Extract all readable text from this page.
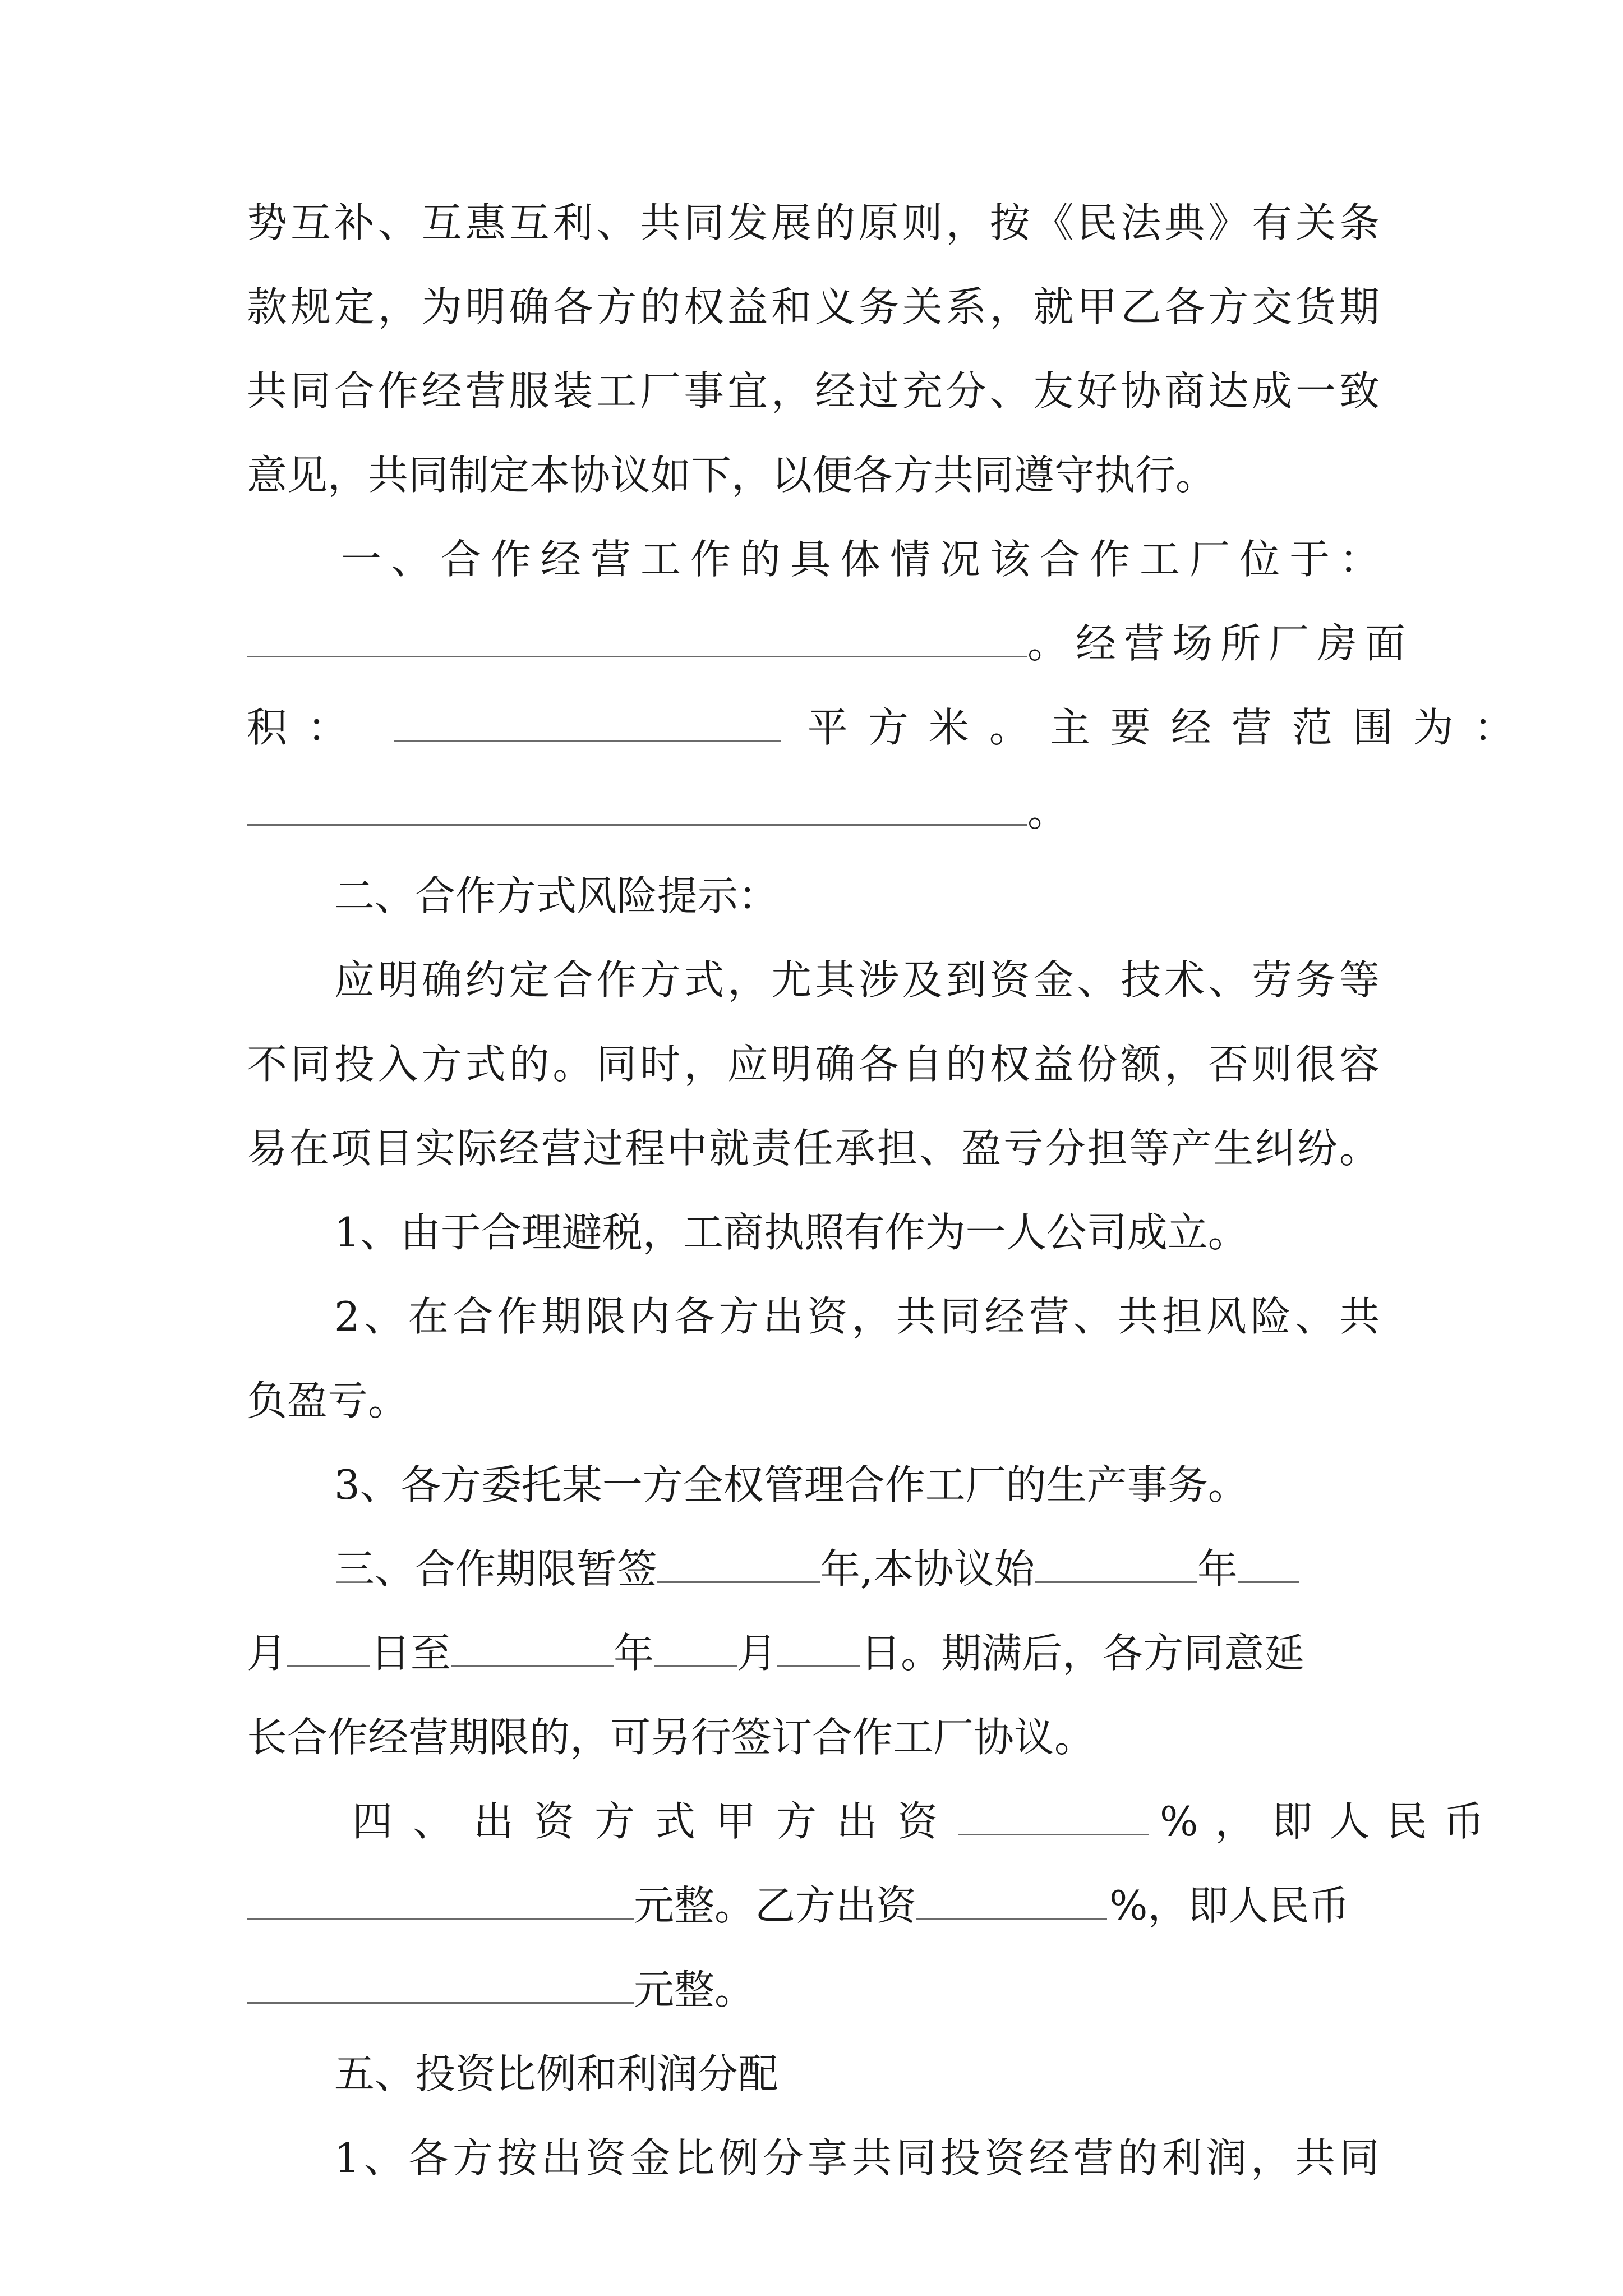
势互补、互惠互利、共同发展的原则，按《民法典》有关条
款规定，为明确各方的权益和义务关系，就甲乙各方交货期
共同合作经营服装工厂事宜，经过充分、友好协商达成一致
意见，共同制定本协议如下，以便各方共同遵守执行。
一、合作经营工作的具体情况该合作工厂位于：
。经营场所厂房面
积：	平方米。主要经营范围为：
。
二、合作方式风险提示：
应明确约定合作方式，尤其涉及到资金、技术、劳务等
不同投入方式的。同时，应明确各自的权益份额，否则很容
易在项目实际经营过程中就责任承担、盈亏分担等产生纠纷。
1、由于合理避税，工商执照有作为一人公司成立。
2、在合作期限内各方出资，共同经营、共担风险、共
负盈亏。
3、各方委托某一方全权管理合作工厂的生产事务。
三、合作期限暂签	年,本协议始	年
月 日至	年 月 日。期满后，各方同意延
长合作经营期限的，可另行签订合作工厂协议。
四、出资方式甲方出资	%，即人民币
元整。乙方出资	%，即人民币
元整。
五、投资比例和利润分配
1、各方按出资金比例分享共同投资经营的利润，共同
